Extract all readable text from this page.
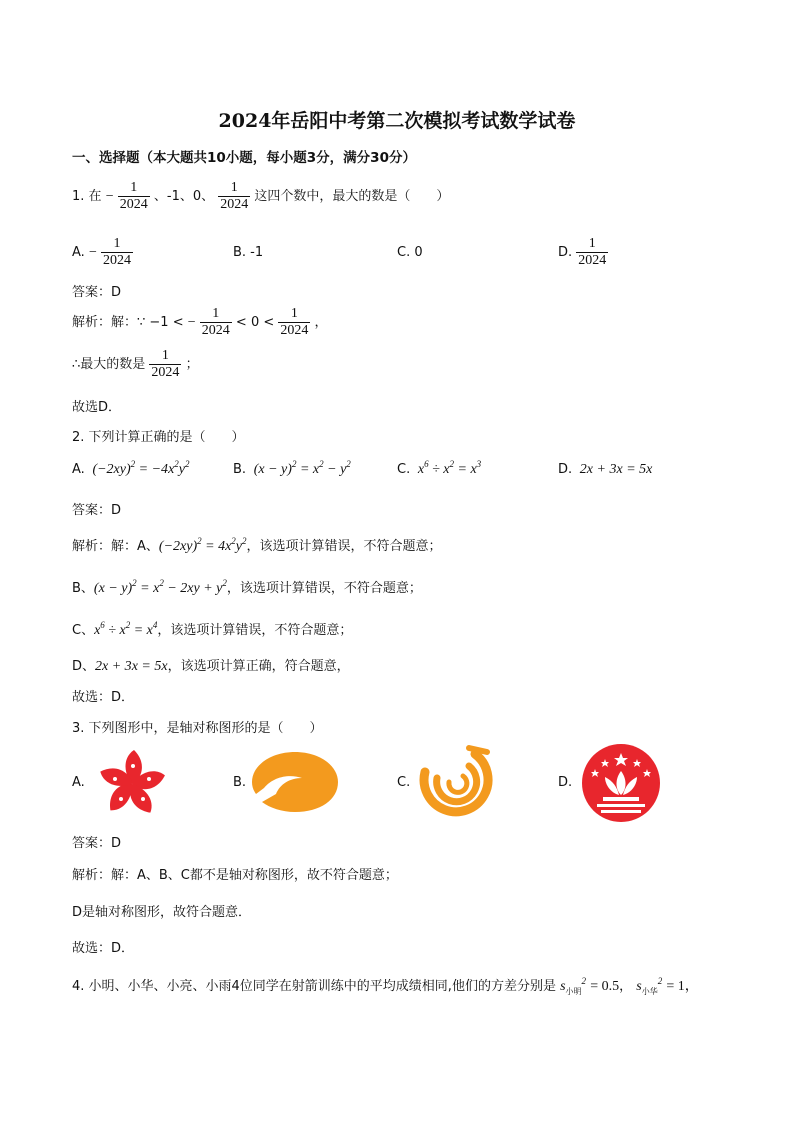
2024年岳阳中考第二次模拟考试数学试卷
一、选择题（本大题共10小题，每小题3分，满分30分）
1. 在 − $\frac{1}{2024}$ 、-1、0、 $\frac{1}{2024}$ 这四个数中，最大的数是（　　）
A. − $\frac{1}{2024}$	B. -1	C. 0	D. $\frac{1}{2024}$
答案：D
解析：解：∵ −1 < − $\frac{1}{2024} < 0 < \frac{1}{2024}$ ，
∴最大的数是 $\frac{1}{2024}$ ；
故选D．
2. 下列计算正确的是（　　）
A.  $(-2xy)^2 = -4x^2y^2$	B.  $(x - y)^2 = x^2 - y^2$	C. $x^6 \div x^2 = x^3$	D.  2x + 3x = 5x
答案：D
解析：解：A、$(-2xy)^2 = 4x^2y^2$，该选项计算错误，不符合题意；
B、$(x - y)^2 = x^2 - 2xy + y^2$，该选项计算错误，不符合题意；
C、$x^6 \div x^2 = x^4$，该选项计算错误，不符合题意；
D、2x + 3x = 5x，该选项计算正确，符合题意，
故选：D．
3. 下列图形中，是轴对称图形的是（　　）
A.	B.	C.	D.
答案：D
解析：解：A、B、C都不是轴对称图形，故不符合题意；
D是轴对称图形，故符合题意．
故选：D．
4. 小明、小华、小亮、小雨4位同学在射箭训练中的平均成绩相同,他们的方差分别是 $s_{小明}^2 = 0.5$， $s_{小华}^2 = 1$，
